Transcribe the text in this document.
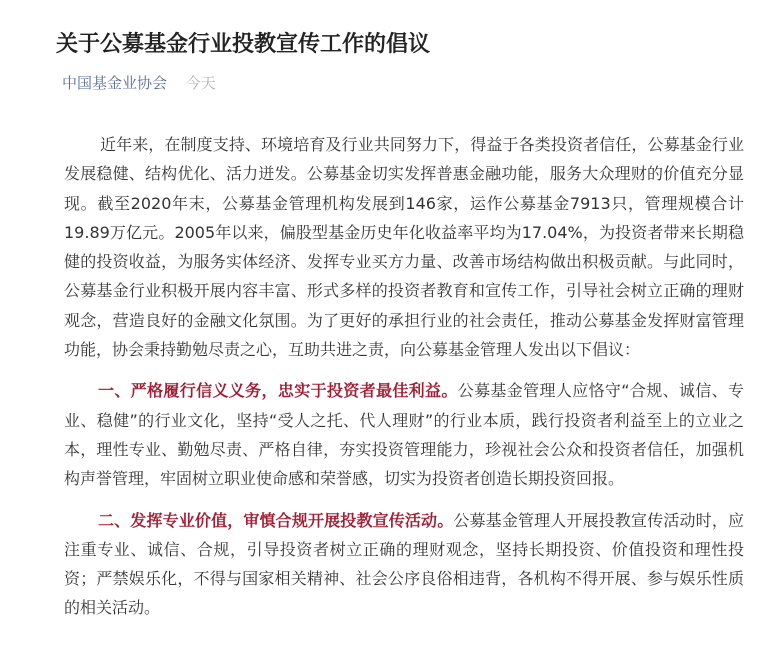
关于公募基金行业投教宣传工作的倡议
中国基金业协会 今天

近年来，在制度支持、环境培育及行业共同努力下，得益于各类投资者信任，公募基金行业发展稳健、结构优化、活力迸发。公募基金切实发挥普惠金融功能，服务大众理财的价值充分显现。截至2020年末，公募基金管理机构发展到146家，运作公募基金7913只，管理规模合计19.89万亿元。2005年以来，偏股型基金历史年化收益率平均为17.04%，为投资者带来长期稳健的投资收益，为服务实体经济、发挥专业买方力量、改善市场结构做出积极贡献。与此同时，公募基金行业积极开展内容丰富、形式多样的投资者教育和宣传工作，引导社会树立正确的理财观念，营造良好的金融文化氛围。为了更好的承担行业的社会责任，推动公募基金发挥财富管理功能，协会秉持勤勉尽责之心，互助共进之责，向公募基金管理人发出以下倡议：

一、严格履行信义义务，忠实于投资者最佳利益。公募基金管理人应恪守“合规、诚信、专业、稳健”的行业文化，坚持“受人之托、代人理财”的行业本质，践行投资者利益至上的立业之本，理性专业、勤勉尽责、严格自律，夯实投资管理能力，珍视社会公众和投资者信任，加强机构声誉管理，牢固树立职业使命感和荣誉感，切实为投资者创造长期投资回报。

二、发挥专业价值，审慎合规开展投教宣传活动。公募基金管理人开展投教宣传活动时，应注重专业、诚信、合规，引导投资者树立正确的理财观念，坚持长期投资、价值投资和理性投资；严禁娱乐化，不得与国家相关精神、社会公序良俗相违背，各机构不得开展、参与娱乐性质的相关活动。
